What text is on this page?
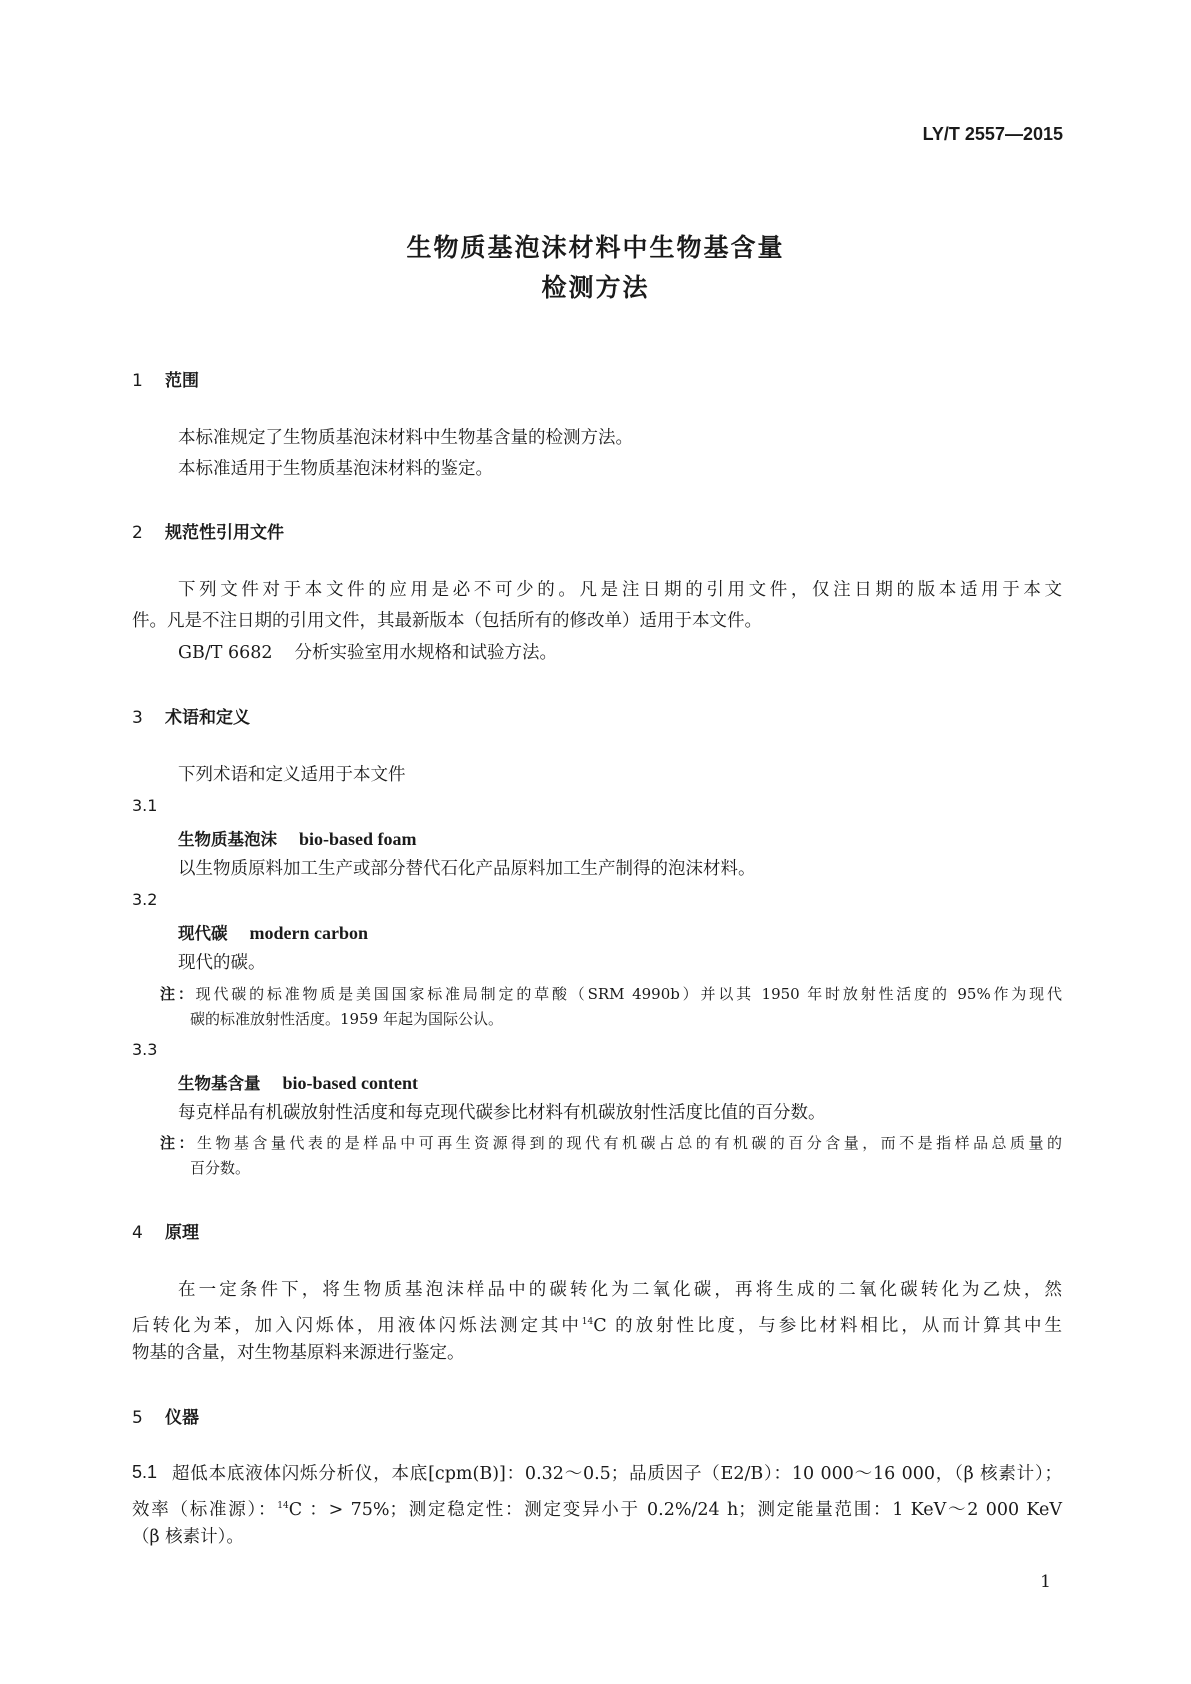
LY/T 2557—2015
生物质基泡沫材料中生物基含量
检测方法
1 范围
本标准规定了生物质基泡沫材料中生物基含量的检测方法。
本标准适用于生物质基泡沫材料的鉴定。
2 规范性引用文件
下列文件对于本文件的应用是必不可少的。凡是注日期的引用文件，仅注日期的版本适用于本文
件。凡是不注日期的引用文件，其最新版本（包括所有的修改单）适用于本文件。
GB/T 6682 分析实验室用水规格和试验方法。
3 术语和定义
下列术语和定义适用于本文件
3.1
生物质基泡沫 bio-based foam
以生物质原料加工生产或部分替代石化产品原料加工生产制得的泡沫材料。
3.2
现代碳 modern carbon
现代的碳。
注：现代碳的标准物质是美国国家标准局制定的草酸（SRM 4990b）并以其 1950 年时放射性活度的 95%作为现代
碳的标准放射性活度。1959 年起为国际公认。
3.3
生物基含量 bio-based content
每克样品有机碳放射性活度和每克现代碳参比材料有机碳放射性活度比值的百分数。
注：生物基含量代表的是样品中可再生资源得到的现代有机碳占总的有机碳的百分含量，而不是指样品总质量的
百分数。
4 原理
在一定条件下，将生物质基泡沫样品中的碳转化为二氧化碳，再将生成的二氧化碳转化为乙炔，然
后转化为苯，加入闪烁体，用液体闪烁法测定其中$^{14}$C 的放射性比度，与参比材料相比，从而计算其中生
物基的含量，对生物基原料来源进行鉴定。
5 仪器
5.1 超低本底液体闪烁分析仪，本底[cpm(B)]：0.32～0.5；品质因子（E2/B）：10 000～16 000，（β 核素计）；
效率（标准源）：$^{14}$C ：> 75%；测定稳定性：测定变异小于 0.2%/24 h；测定能量范围：1 KeV～2 000 KeV
（β 核素计）。
1
